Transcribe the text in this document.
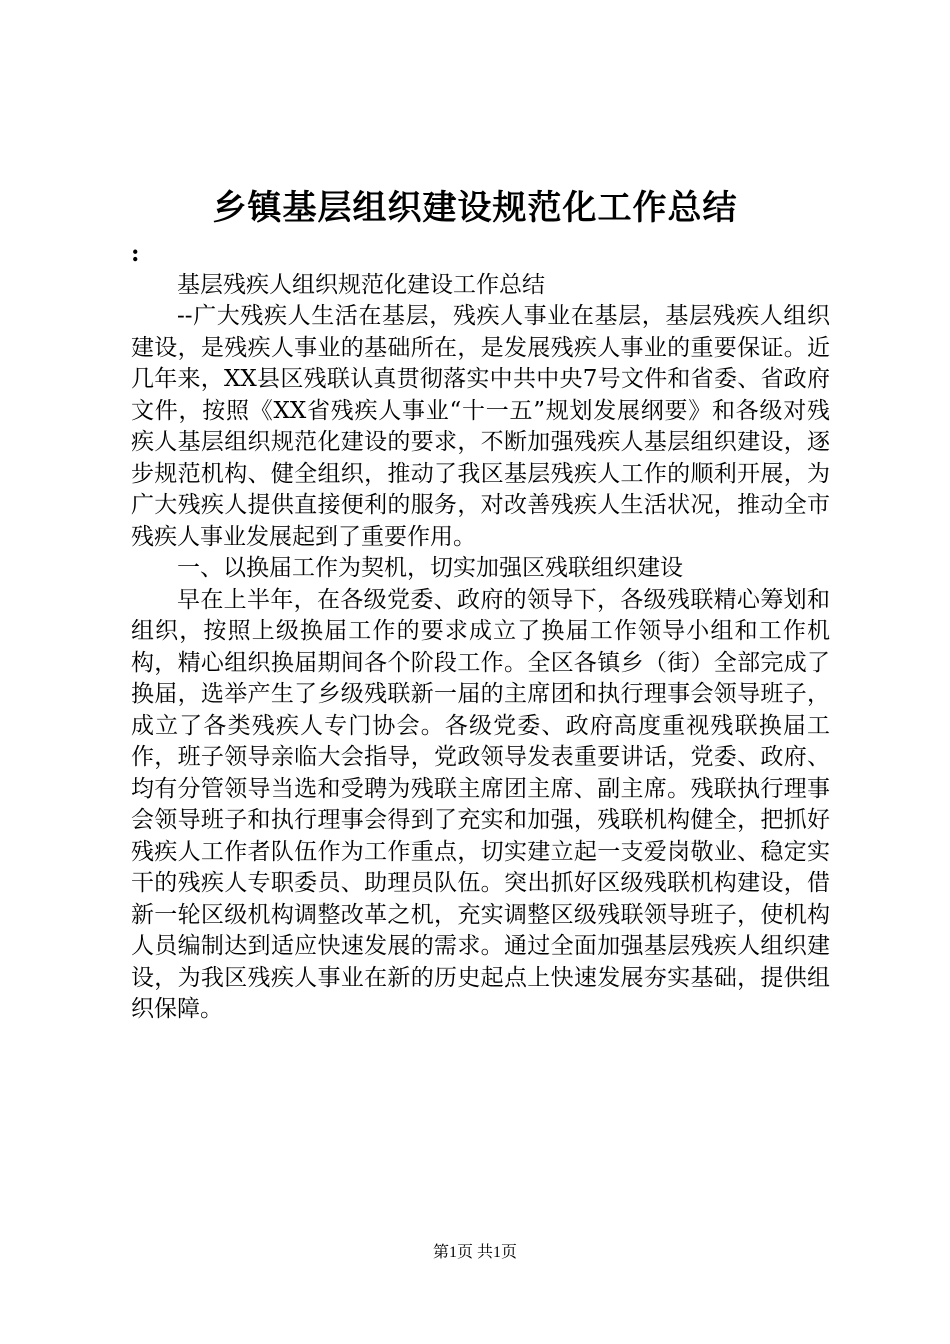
乡镇基层组织建设规范化工作总结

:

基层残疾人组织规范化建设工作总结

--广大残疾人生活在基层，残疾人事业在基层，基层残疾人组织建设，是残疾人事业的基础所在，是发展残疾人事业的重要保证。近几年来，XX县区残联认真贯彻落实中共中央7号文件和省委、省政府文件，按照《XX省残疾人事业“十一五”规划发展纲要》和各级对残疾人基层组织规范化建设的要求，不断加强残疾人基层组织建设，逐步规范机构、健全组织，推动了我区基层残疾人工作的顺利开展，为广大残疾人提供直接便利的服务，对改善残疾人生活状况，推动全市残疾人事业发展起到了重要作用。

一、以换届工作为契机，切实加强区残联组织建设

早在上半年，在各级党委、政府的领导下，各级残联精心筹划和组织，按照上级换届工作的要求成立了换届工作领导小组和工作机构，精心组织换届期间各个阶段工作。全区各镇乡（街）全部完成了换届，选举产生了乡级残联新一届的主席团和执行理事会领导班子，成立了各类残疾人专门协会。各级党委、政府高度重视残联换届工作，班子领导亲临大会指导，党政领导发表重要讲话，党委、政府、均有分管领导当选和受聘为残联主席团主席、副主席。残联执行理事会领导班子和执行理事会得到了充实和加强，残联机构健全，把抓好残疾人工作者队伍作为工作重点，切实建立起一支爱岗敬业、稳定实干的残疾人专职委员、助理员队伍。突出抓好区级残联机构建设，借新一轮区级机构调整改革之机，充实调整区级残联领导班子，使机构人员编制达到适应快速发展的需求。通过全面加强基层残疾人组织建设，为我区残疾人事业在新的历史起点上快速发展夯实基础，提供组织保障。

第1页 共1页
